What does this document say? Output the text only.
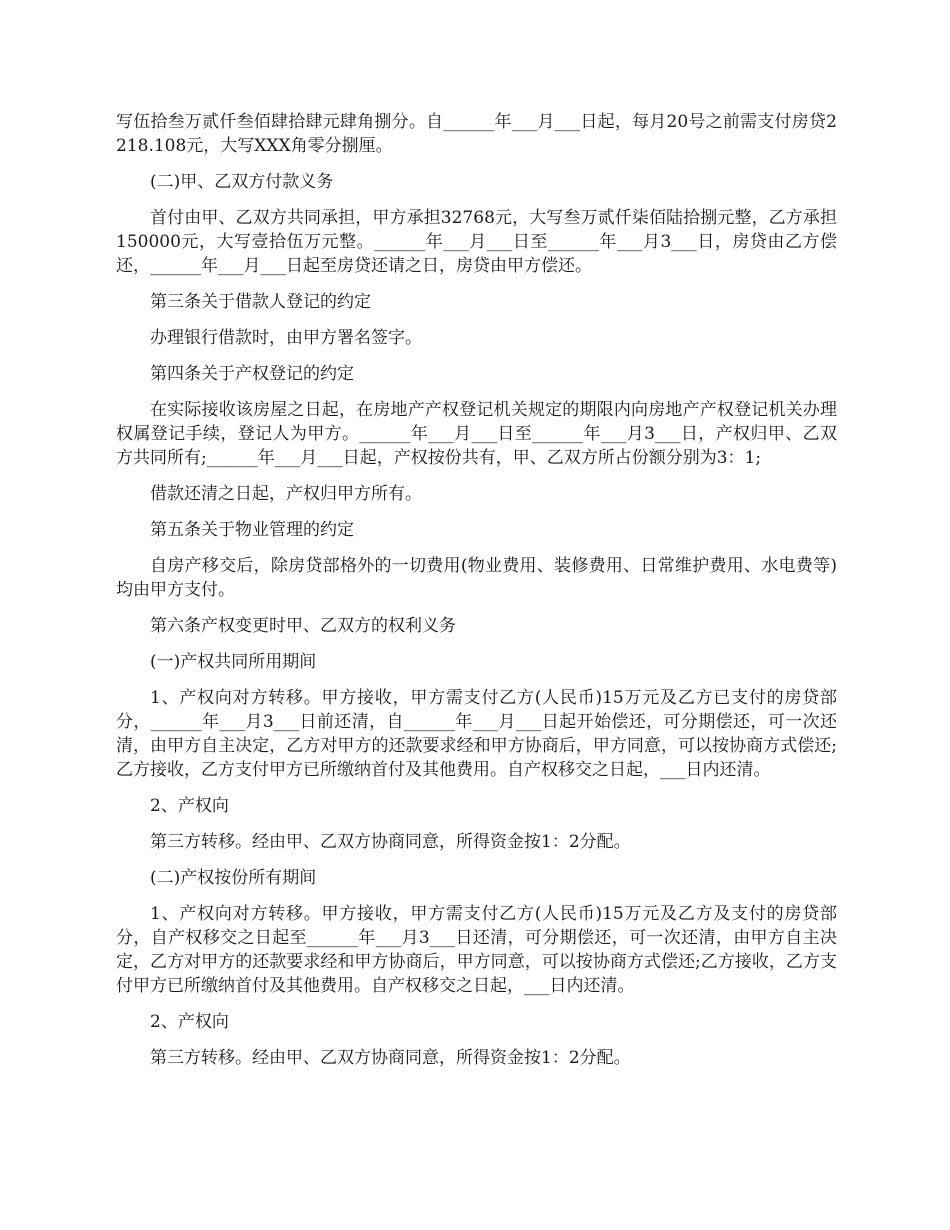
写伍拾叁万贰仟叁佰肆拾肆元肆角捌分。自______年___月___日起，每月20号之前需支付房贷2218.108元，大写XXX角零分捌厘。

(二)甲、乙双方付款义务

首付由甲、乙双方共同承担，甲方承担32768元，大写叁万贰仟柒佰陆拾捌元整，乙方承担150000元，大写壹拾伍万元整。______年___月___日至______年___月3___日，房贷由乙方偿还，______年___月___日起至房贷还请之日，房贷由甲方偿还。

第三条关于借款人登记的约定

办理银行借款时，由甲方署名签字。

第四条关于产权登记的约定

在实际接收该房屋之日起，在房地产产权登记机关规定的期限内向房地产产权登记机关办理权属登记手续，登记人为甲方。______年___月___日至______年___月3___日，产权归甲、乙双方共同所有;______年___月___日起，产权按份共有，甲、乙双方所占份额分别为3：1;

借款还清之日起，产权归甲方所有。

第五条关于物业管理的约定

自房产移交后，除房贷部格外的一切费用(物业费用、装修费用、日常维护费用、水电费等)均由甲方支付。

第六条产权变更时甲、乙双方的权利义务

(一)产权共同所用期间

1、产权向对方转移。甲方接收，甲方需支付乙方(人民币)15万元及乙方已支付的房贷部分，______年___月3___日前还清，自______年___月___日起开始偿还，可分期偿还，可一次还清，由甲方自主决定，乙方对甲方的还款要求经和甲方协商后，甲方同意，可以按协商方式偿还;乙方接收，乙方支付甲方已所缴纳首付及其他费用。自产权移交之日起，___日内还清。

2、产权向

第三方转移。经由甲、乙双方协商同意，所得资金按1：2分配。

(二)产权按份所有期间

1、产权向对方转移。甲方接收，甲方需支付乙方(人民币)15万元及乙方及支付的房贷部分，自产权移交之日起至______年___月3___日还清，可分期偿还，可一次还清，由甲方自主决定，乙方对甲方的还款要求经和甲方协商后，甲方同意，可以按协商方式偿还;乙方接收，乙方支付甲方已所缴纳首付及其他费用。自产权移交之日起，___日内还清。

2、产权向

第三方转移。经由甲、乙双方协商同意，所得资金按1：2分配。
